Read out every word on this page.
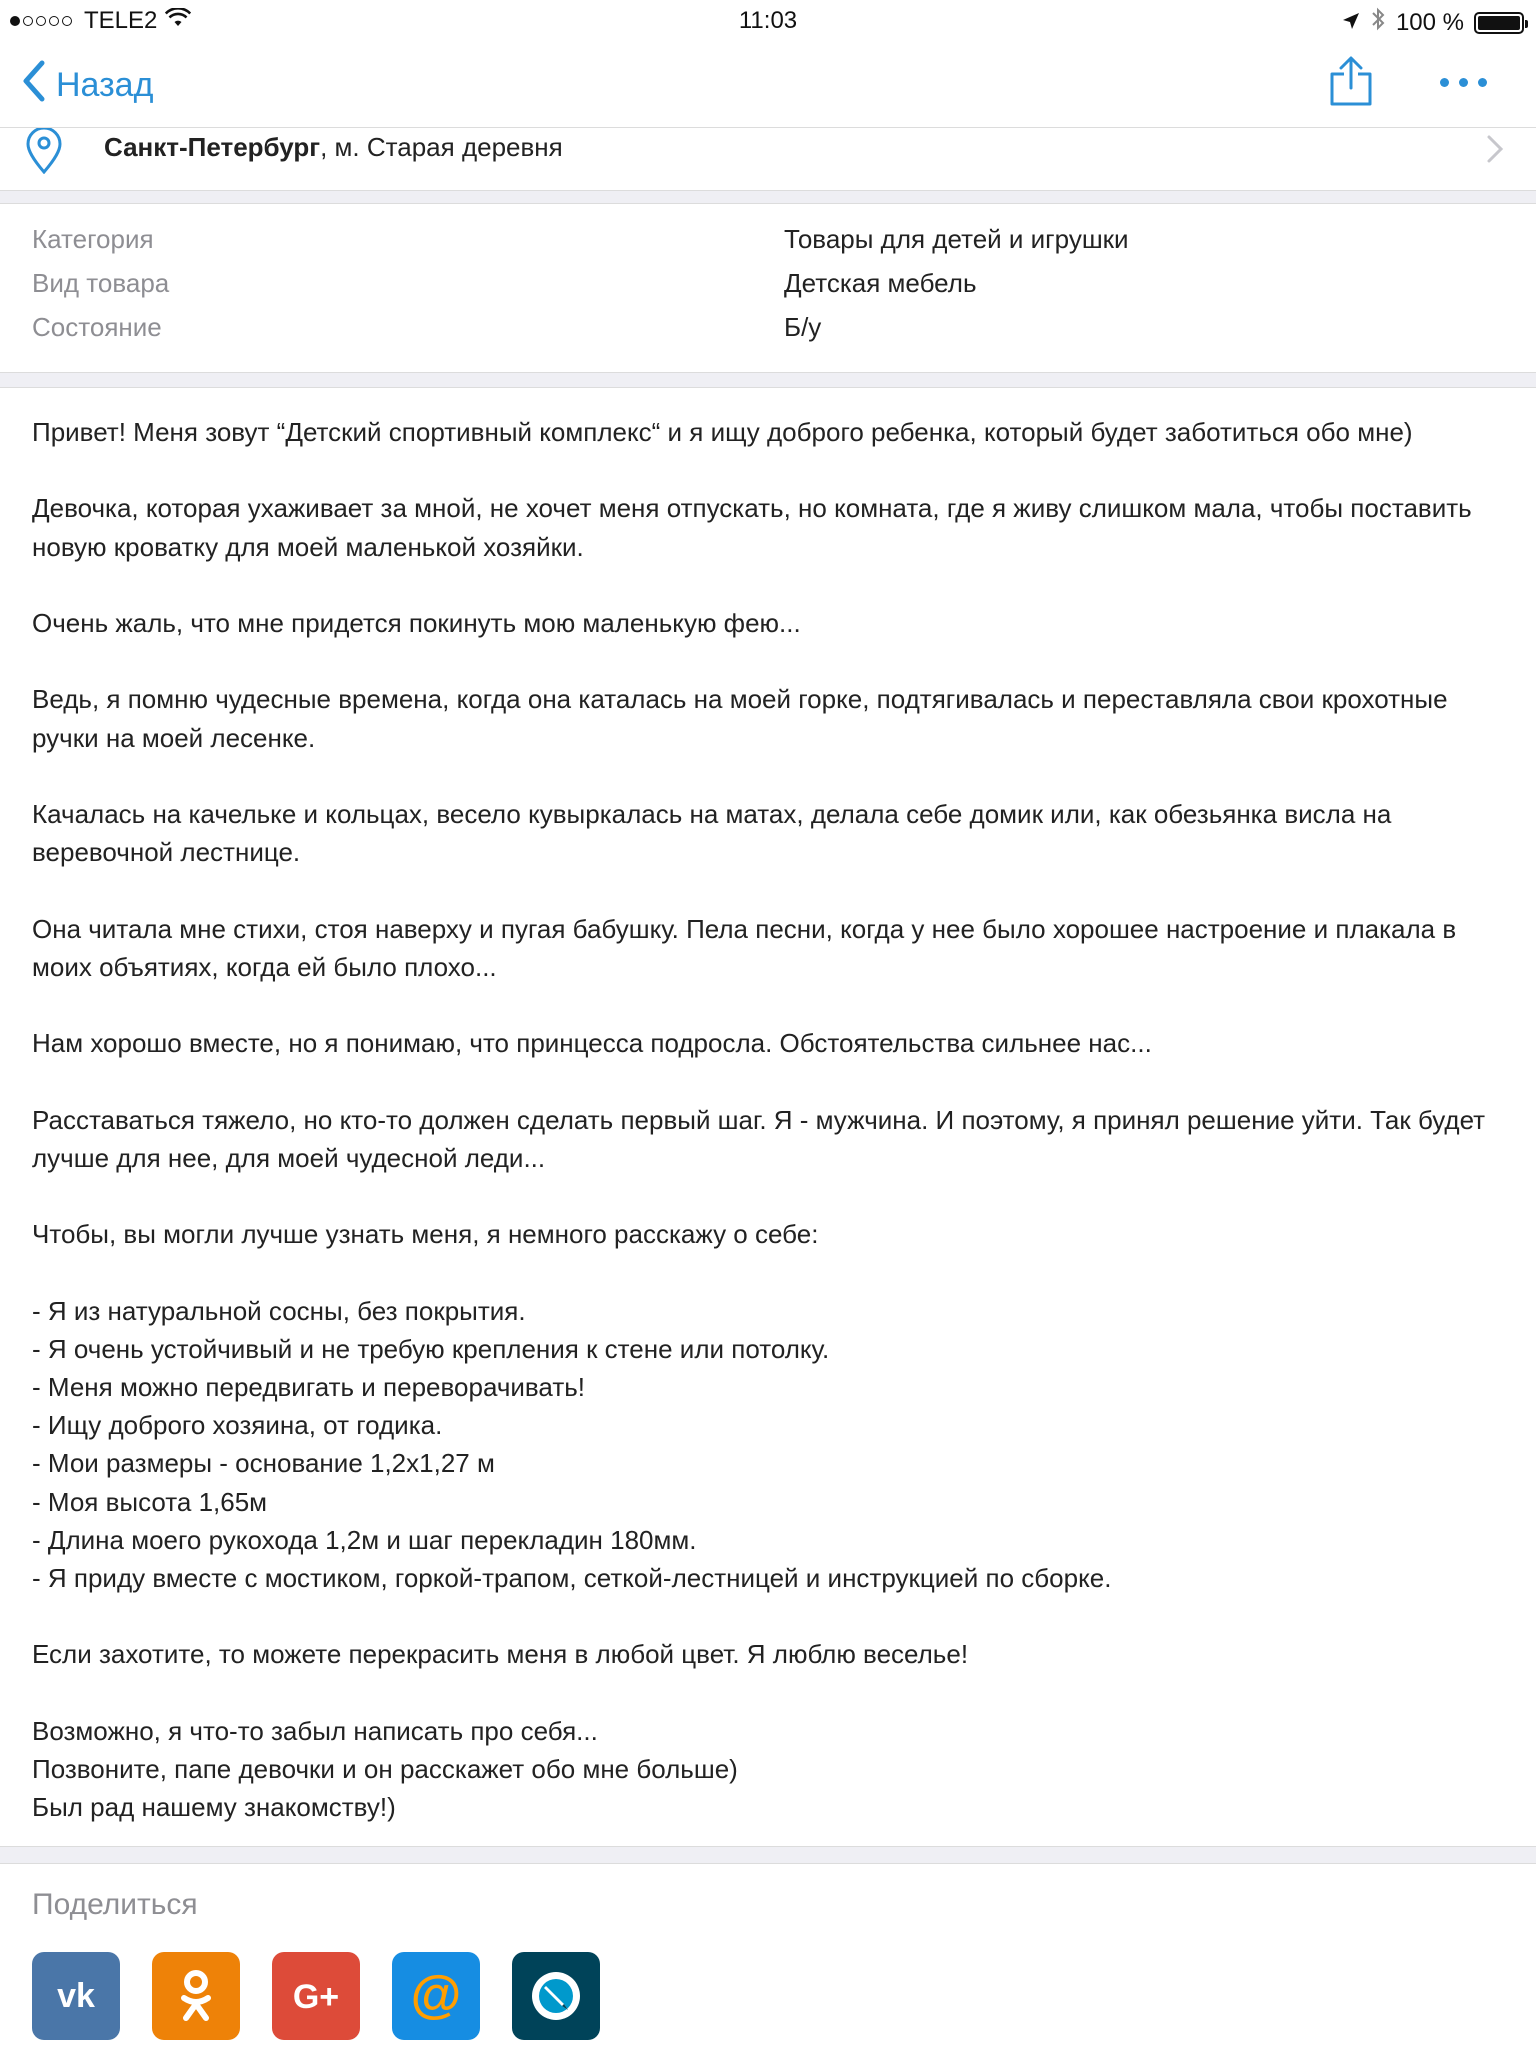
TELE2	11:03	100 %
Назад
Санкт-Петербург, м. Старая деревня
Категория	Товары для детей и игрушки
Вид товара	Детская мебель
Состояние	Б/у

Привет! Меня зовут “Детский спортивный комплекс“ и я ищу доброго ребенка, который будет заботиться обо мне)

Девочка, которая ухаживает за мной, не хочет меня отпускать, но комната, где я живу слишком мала, чтобы поставить новую кроватку для моей маленькой хозяйки.

Очень жаль, что мне придется покинуть мою маленькую фею...

Ведь, я помню чудесные времена, когда она каталась на моей горке, подтягивалась и переставляла свои крохотные ручки на моей лесенке.

Качалась на качельке и кольцах, весело кувыркалась на матах, делала себе домик или, как обезьянка висла на веревочной лестнице.

Она читала мне стихи, стоя наверху и пугая бабушку. Пела песни, когда у нее было хорошее настроение и плакала в моих объятиях, когда ей было плохо...

Нам хорошо вместе, но я понимаю, что принцесса подросла. Обстоятельства сильнее нас...

Расставаться тяжело, но кто-то должен сделать первый шаг. Я - мужчина. И поэтому, я принял решение уйти. Так будет лучше для нее, для моей чудесной леди...

Чтобы, вы могли лучше узнать меня, я немного расскажу о себе:

- Я из натуральной сосны, без покрытия.
- Я очень устойчивый и не требую крепления к стене или потолку.
- Меня можно передвигать и переворачивать!
- Ищу доброго хозяина, от годика.
- Мои размеры - основание 1,2х1,27 м
- Моя высота 1,65м
- Длина моего рукохода 1,2м и шаг перекладин 180мм.
- Я приду вместе с мостиком, горкой-трапом, сеткой-лестницей и инструкцией по сборке.

Если захотите, то можете перекрасить меня в любой цвет. Я люблю веселье!

Возможно, я что-то забыл написать про себя...

Позвоните, папе девочки и он расскажет обо мне больше)

Был рад нашему знакомству!)

Поделиться
vk	G+ @
